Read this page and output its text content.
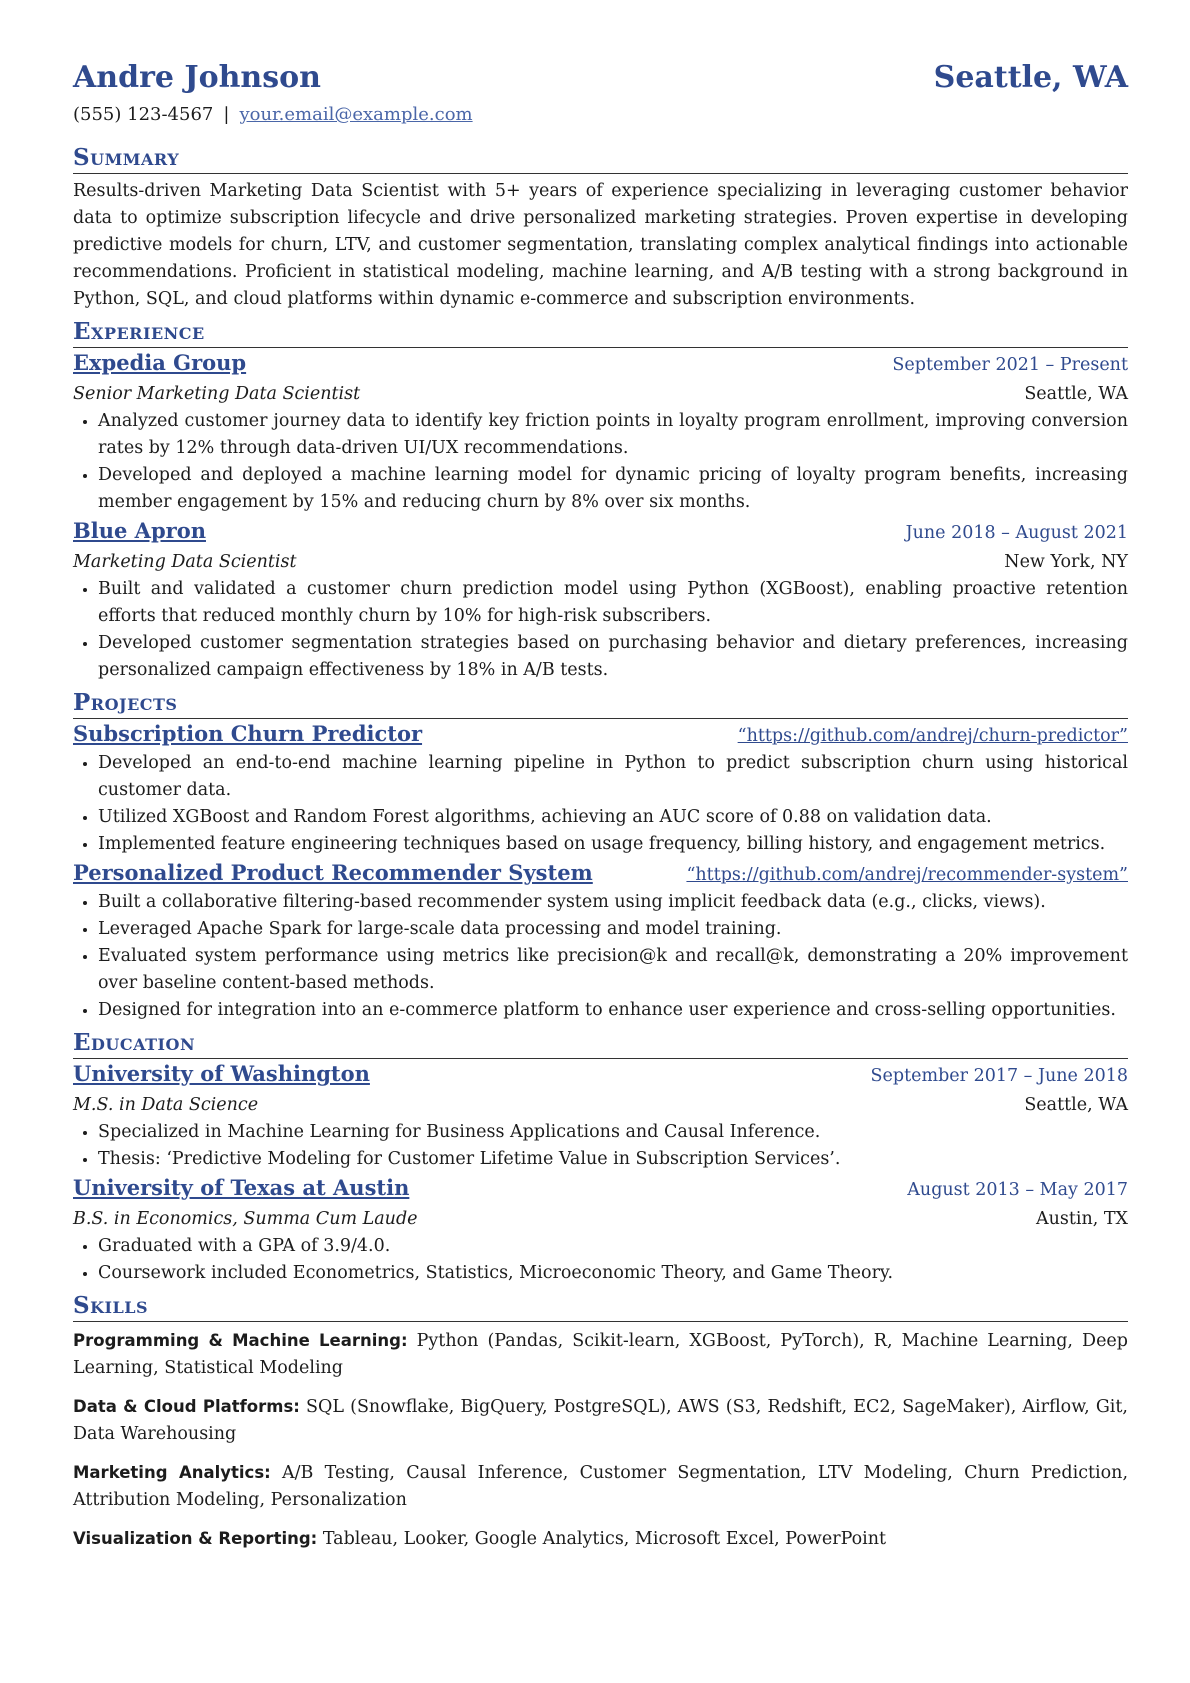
Andre Johnson	Seattle, WA
(555) 123-4567 | your.email@example.com
Summary

Results-driven Marketing Data Scientist with 5+ years of experience specializing in leveraging customer behavior data to optimize subscription lifecycle and drive personalized marketing strategies. Proven expertise in developing predictive models for churn, LTV, and customer segmentation, translating complex analytical findings into actionable recommendations. Proficient in statistical modeling, machine learning, and A/B testing with a strong background in Python, SQL, and cloud platforms within dynamic e-commerce and subscription environments.

Experience
Expedia Group	September 2021 – Present
Senior Marketing Data Scientist	Seattle, WA
• Analyzed customer journey data to identify key friction points in loyalty program enrollment, improving conversion rates by 12% through data-driven UI/UX recommendations.
• Developed and deployed a machine learning model for dynamic pricing of loyalty program benefits, increasing member engagement by 15% and reducing churn by 8% over six months.
Blue Apron	June 2018 – August 2021
Marketing Data Scientist	New York, NY
• Built and validated a customer churn prediction model using Python (XGBoost), enabling proactive retention efforts that reduced monthly churn by 10% for high-risk subscribers.
• Developed customer segmentation strategies based on purchasing behavior and dietary preferences, increasing personalized campaign effectiveness by 18% in A/B tests.
Projects
Subscription Churn Predictor	“https://github.com/andrej/churn-predictor”
• Developed an end-to-end machine learning pipeline in Python to predict subscription churn using historical customer data.
• Utilized XGBoost and Random Forest algorithms, achieving an AUC score of 0.88 on validation data.
• Implemented feature engineering techniques based on usage frequency, billing history, and engagement metrics.
Personalized Product Recommender System	“https://github.com/andrej/recommender-system”
• Built a collaborative filtering-based recommender system using implicit feedback data (e.g., clicks, views).
• Leveraged Apache Spark for large-scale data processing and model training.
• Evaluated system performance using metrics like precision@k and recall@k, demonstrating a 20% improvement over baseline content-based methods.
• Designed for integration into an e-commerce platform to enhance user experience and cross-selling opportunities.
Education
University of Washington	September 2017 – June 2018
M.S. in Data Science	Seattle, WA
• Specialized in Machine Learning for Business Applications and Causal Inference.
• Thesis: ‘Predictive Modeling for Customer Lifetime Value in Subscription Services’.
University of Texas at Austin	August 2013 – May 2017
B.S. in Economics, Summa Cum Laude	Austin, TX
• Graduated with a GPA of 3.9/4.0.
• Coursework included Econometrics, Statistics, Microeconomic Theory, and Game Theory.
Skills
Programming & Machine Learning: Python (Pandas, Scikit-learn, XGBoost, PyTorch), R, Machine Learning, Deep Learning, Statistical Modeling
Data & Cloud Platforms: SQL (Snowflake, BigQuery, PostgreSQL), AWS (S3, Redshift, EC2, SageMaker), Airflow, Git, Data Warehousing
Marketing Analytics: A/B Testing, Causal Inference, Customer Segmentation, LTV Modeling, Churn Prediction, Attribution Modeling, Personalization
Visualization & Reporting: Tableau, Looker, Google Analytics, Microsoft Excel, PowerPoint
